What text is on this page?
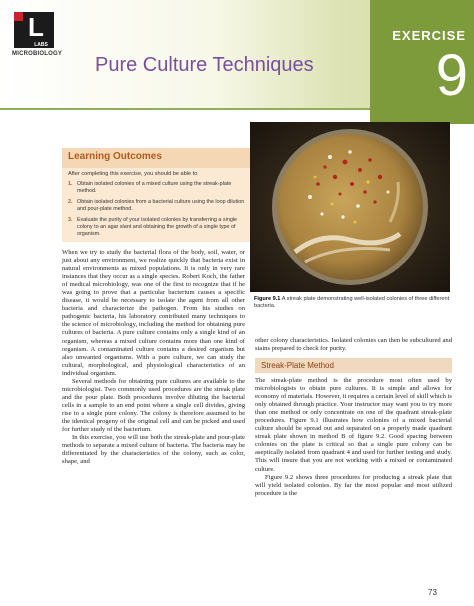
L
LABS
MICROBIOLOGY Pure Culture Techniques
EXERCISE
9
Learning Outcomes
After completing this exercise, you should be able to
1. Obtain isolated colonies of a mixed culture using the streak-plate method.
2. Obtain isolated colonies from a bacterial culture using the loop dilution and pour-plate method.
3. Evaluate the purity of your isolated colonies by transferring a single colony to an agar slant and obtaining the growth of a single type of organism.
Figure 9.1 A streak plate demonstrating well-isolated colonies of three different bacteria.

When we try to study the bacterial flora of the body, soil, water, or just about any environment, we realize quickly that bacteria exist in natural environments as mixed populations. It is only in very rare instances that they occur as a single species. Robert Koch, the father of medical microbiology, was one of the first to recognize that if he was going to prove that a particular bacterium causes a specific disease, it would be necessary to isolate the agent from all other bacteria and characterize the pathogen. From his studies on pathogenic bacteria, his laboratory contributed many techniques to the science of microbiology, including the method for obtaining pure cultures of bacteria. A pure culture contains only a single kind of an organism, whereas a mixed culture contains more than one kind of organism. A contaminated culture contains a desired organism but also unwanted organisms. With a pure culture, we can study the cultural, morphological, and physiological characteristics of an individual organism.

Several methods for obtaining pure cultures are available to the microbiologist. Two commonly used procedures are the streak plate and the pour plate. Both procedures involve diluting the bacterial cells in a sample to an end point where a single cell divides, giving rise to a single pure colony. The colony is therefore assumed to be the identical progeny of the original cell and can be picked and used for further study of the bacterium.

In this exercise, you will use both the streak-plate and pour-plate methods to separate a mixed culture of bacteria. The bacteria may be differentiated by the characteristics of the colony, such as color, shape, and

other colony characteristics. Isolated colonies can then be subcultured and stains prepared to check for purity.

Streak-Plate Method

The streak-plate method is the procedure most often used by microbiologists to obtain pure cultures. It is simple and allows for economy of materials. However, it requires a certain level of skill which is only obtained through practice. Your instructor may want you to try more than one method or only concentrate on one of the quadrant streak-plate procedures. Figure 9.1 illustrates how colonies of a mixed bacterial culture should be spread out and separated on a properly made quadrant streak plate shown in method B of figure 9.2. Good spacing between colonies on the plate is critical so that a single pure colony can be aseptically isolated from quadrant 4 and used for further testing and study. This will insure that you are not working with a mixed or contaminated culture.

Figure 9.2 shows three procedures for producing a streak plate that will yield isolated colonies. By far the most popular and most utilized procedure is the

73
